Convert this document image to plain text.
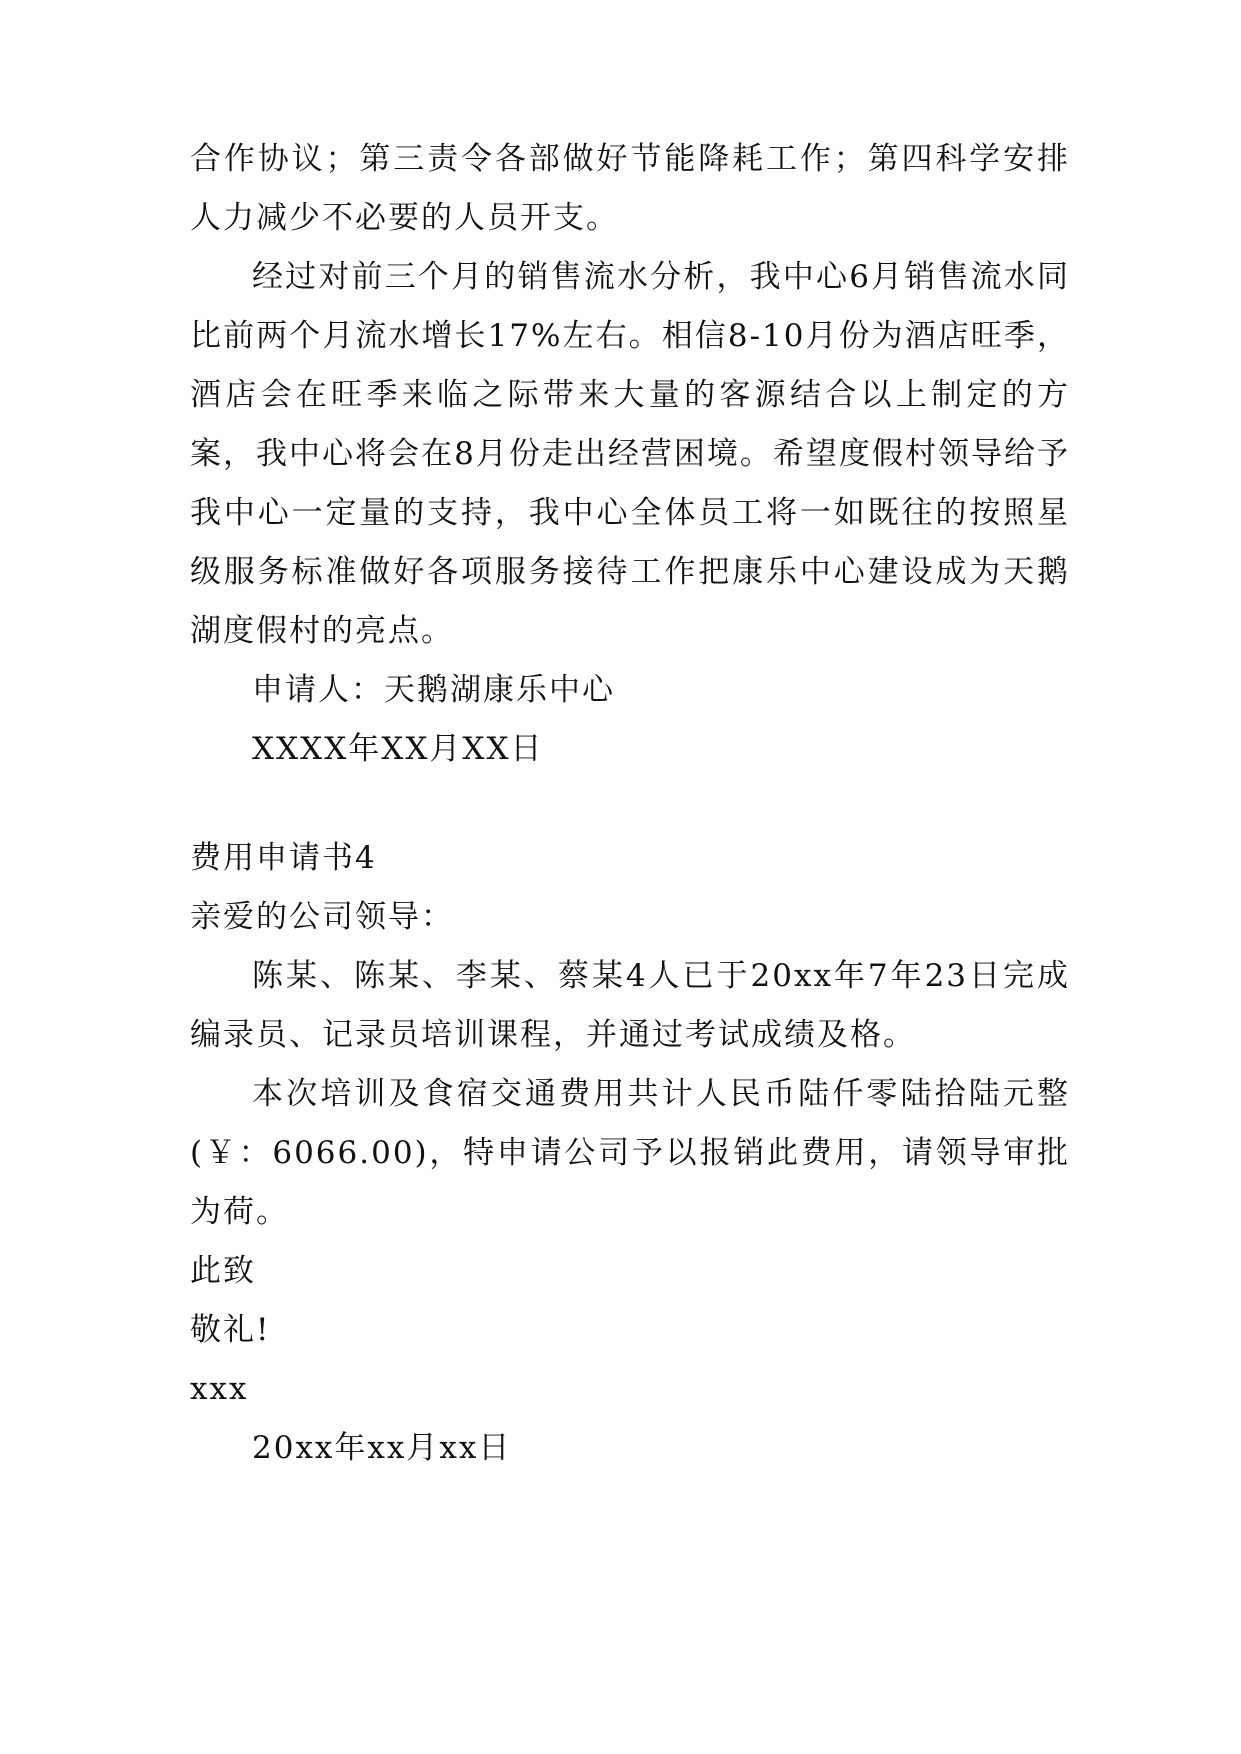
合作协议；第三责令各部做好节能降耗工作；第四科学安排人力减少不必要的人员开支。

经过对前三个月的销售流水分析，我中心6月销售流水同比前两个月流水增长17%左右。相信8-10月份为酒店旺季，酒店会在旺季来临之际带来大量的客源结合以上制定的方案，我中心将会在8月份走出经营困境。希望度假村领导给予我中心一定量的支持，我中心全体员工将一如既往的按照星级服务标准做好各项服务接待工作把康乐中心建设成为天鹅湖度假村的亮点。

申请人：天鹅湖康乐中心

XXXX年XX月XX日

费用申请书4

亲爱的公司领导：

陈某、陈某、李某、蔡某4人已于20xx年7年23日完成编录员、记录员培训课程，并通过考试成绩及格。

本次培训及食宿交通费用共计人民币陆仟零陆拾陆元整(￥：6066.00)，特申请公司予以报销此费用，请领导审批为荷。

此致

敬礼!

xxx

20xx年xx月xx日
